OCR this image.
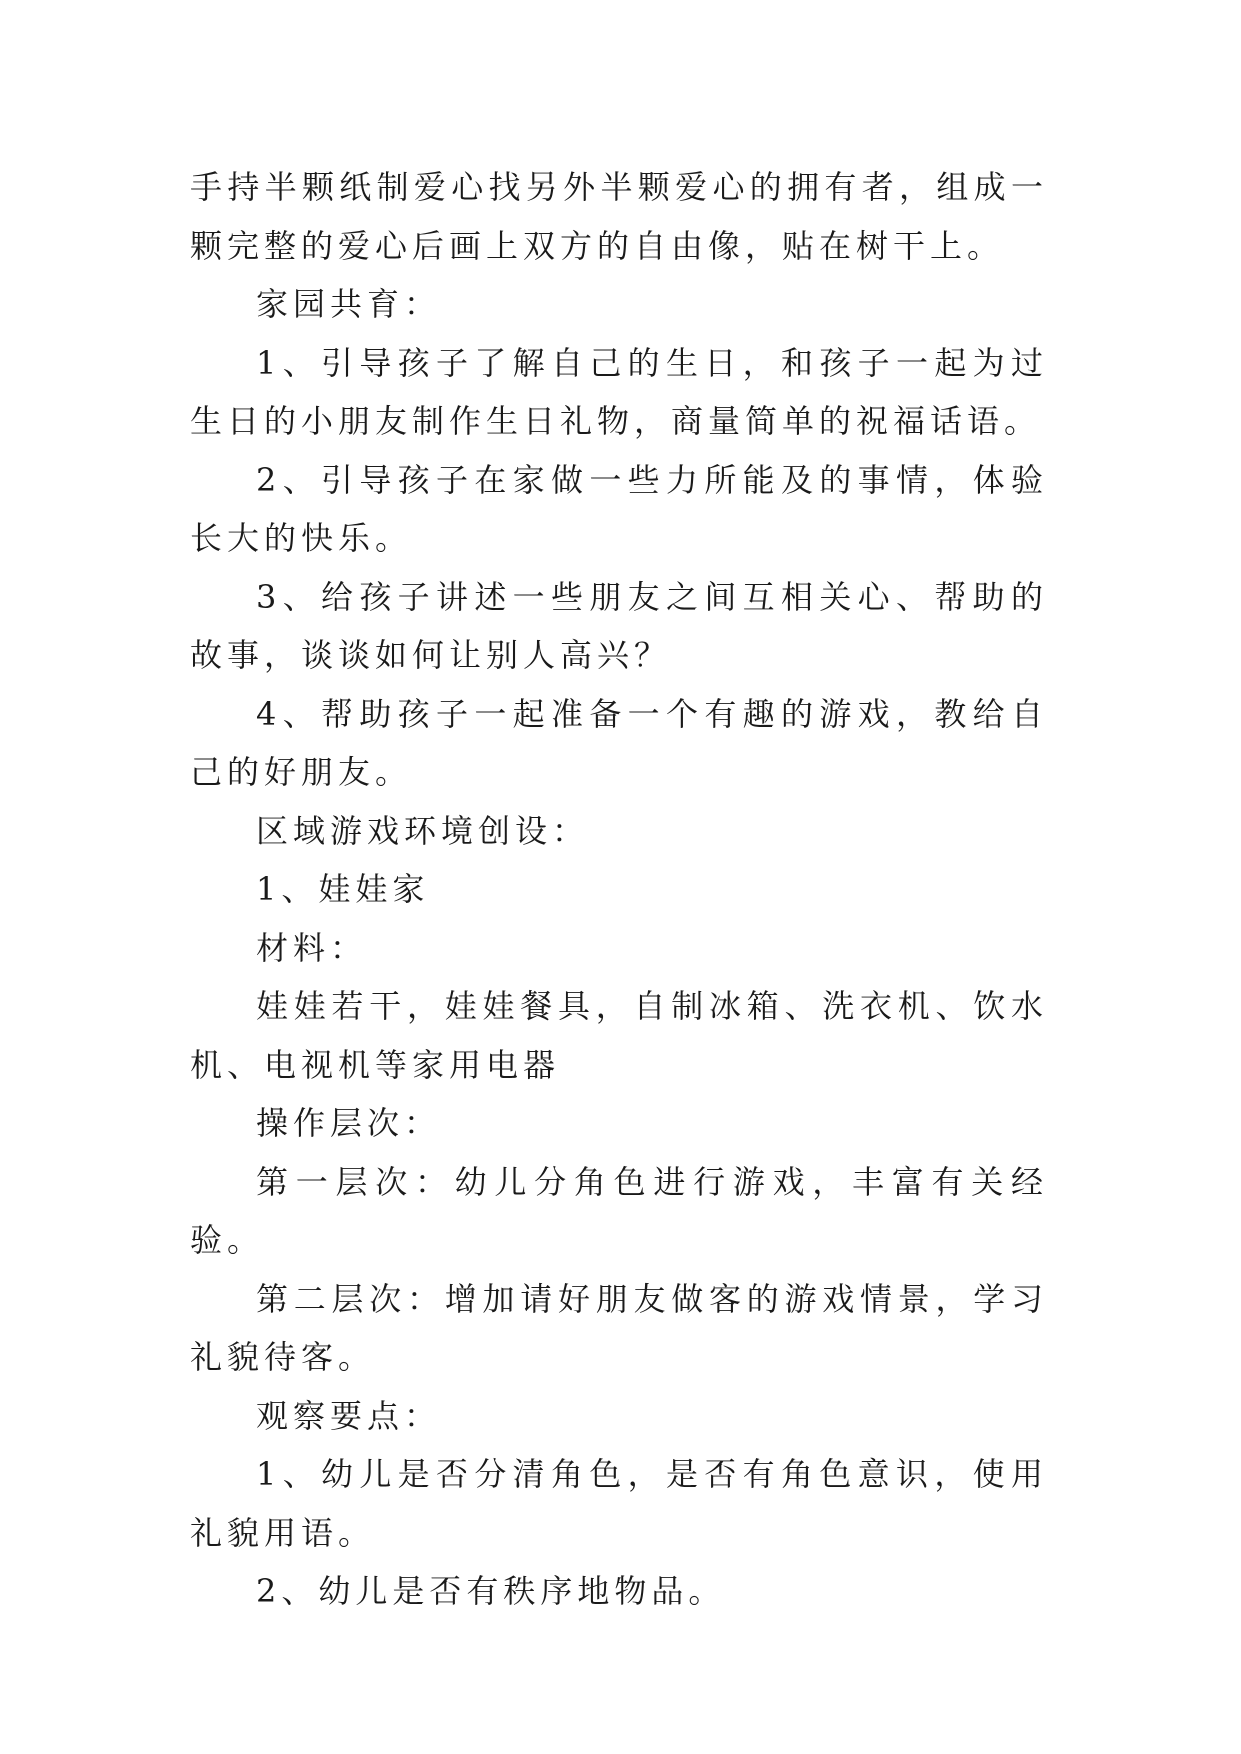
手持半颗纸制爱心找另外半颗爱心的拥有者，组成一颗完整的爱心后画上双方的自由像，贴在树干上。

家园共育：

1、引导孩子了解自己的生日，和孩子一起为过生日的小朋友制作生日礼物，商量简单的祝福话语。

2、引导孩子在家做一些力所能及的事情，体验长大的快乐。

3、给孩子讲述一些朋友之间互相关心、帮助的故事，谈谈如何让别人高兴？

4、帮助孩子一起准备一个有趣的游戏，教给自己的好朋友。

区域游戏环境创设：

1、娃娃家

材料：

娃娃若干，娃娃餐具，自制冰箱、洗衣机、饮水机、电视机等家用电器

操作层次：

第一层次：幼儿分角色进行游戏，丰富有关经验。

第二层次：增加请好朋友做客的游戏情景，学习礼貌待客。

观察要点：

1、幼儿是否分清角色，是否有角色意识，使用礼貌用语。

2、幼儿是否有秩序地物品。
